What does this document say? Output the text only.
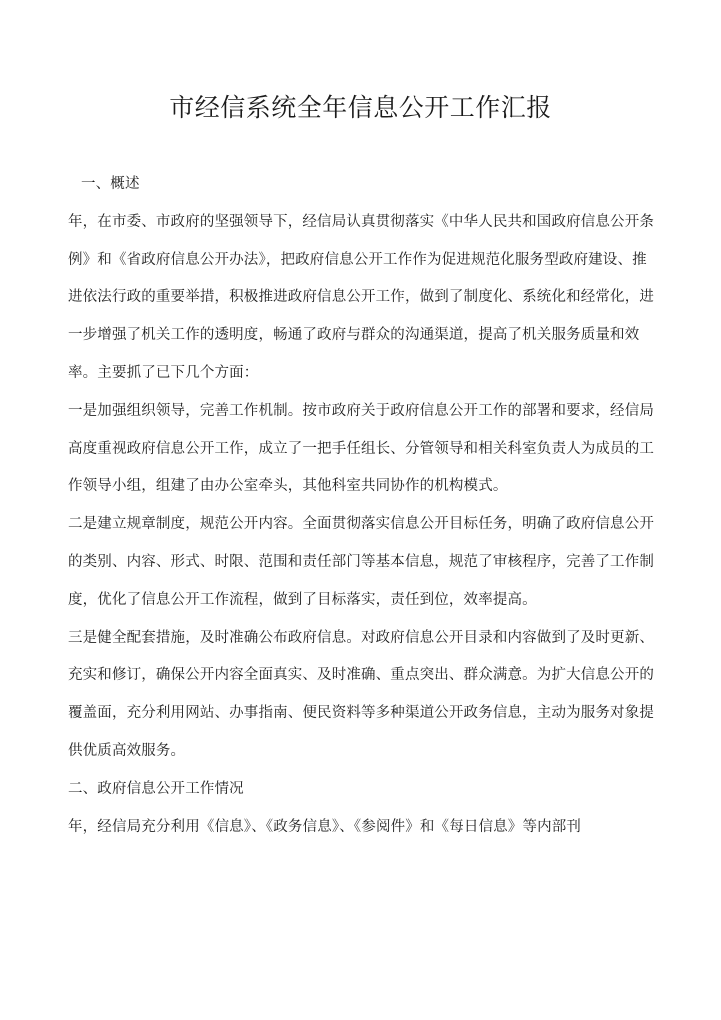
市经信系统全年信息公开工作汇报

一、概述

年，在市委、市政府的坚强领导下，经信局认真贯彻落实《中华人民共和国政府信息公开条例》和《省政府信息公开办法》，把政府信息公开工作作为促进规范化服务型政府建设、推进依法行政的重要举措，积极推进政府信息公开工作，做到了制度化、系统化和经常化，进一步增强了机关工作的透明度，畅通了政府与群众的沟通渠道，提高了机关服务质量和效率。主要抓了已下几个方面：

一是加强组织领导，完善工作机制。按市政府关于政府信息公开工作的部署和要求，经信局高度重视政府信息公开工作，成立了一把手任组长、分管领导和相关科室负责人为成员的工作领导小组，组建了由办公室牵头，其他科室共同协作的机构模式。

二是建立规章制度，规范公开内容。全面贯彻落实信息公开目标任务，明确了政府信息公开的类别、内容、形式、时限、范围和责任部门等基本信息，规范了审核程序，完善了工作制度，优化了信息公开工作流程，做到了目标落实，责任到位，效率提高。

三是健全配套措施，及时准确公布政府信息。对政府信息公开目录和内容做到了及时更新、充实和修订，确保公开内容全面真实、及时准确、重点突出、群众满意。为扩大信息公开的覆盖面，充分利用网站、办事指南、便民资料等多种渠道公开政务信息，主动为服务对象提供优质高效服务。

二、政府信息公开工作情况

年，经信局充分利用《信息》、《政务信息》、《参阅件》和《每日信息》等内部刊
